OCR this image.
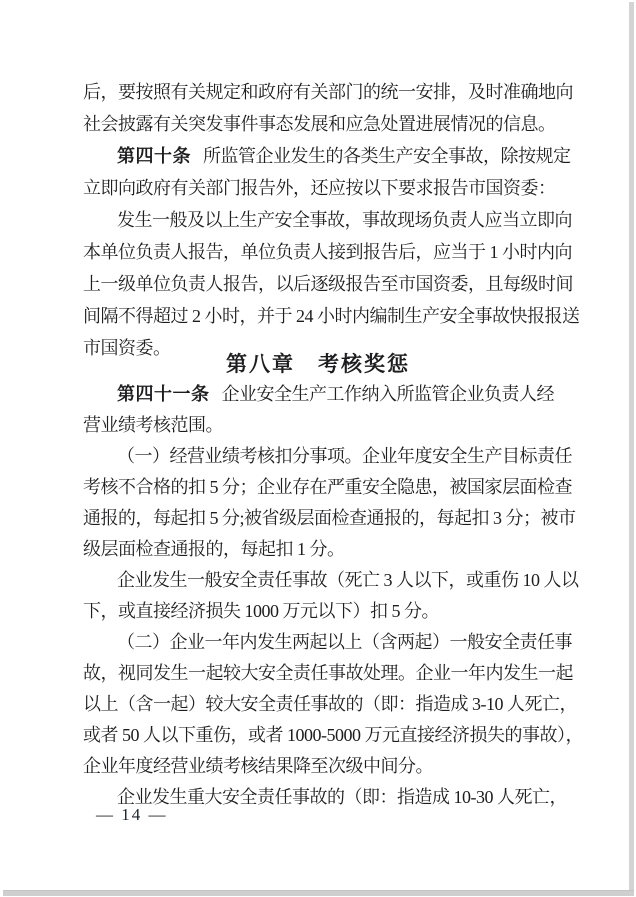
后，要按照有关规定和政府有关部门的统一安排，及时准确地向
社会披露有关突发事件事态发展和应急处置进展情况的信息。
第四十条 所监管企业发生的各类生产安全事故，除按规定
立即向政府有关部门报告外，还应按以下要求报告市国资委：
发生一般及以上生产安全事故，事故现场负责人应当立即向
本单位负责人报告，单位负责人接到报告后，应当于 1 小时内向
上一级单位负责人报告，以后逐级报告至市国资委，且每级时间
间隔不得超过 2 小时，并于 24 小时内编制生产安全事故快报报送
市国资委。
第八章　考核奖惩
第四十一条 企业安全生产工作纳入所监管企业负责人经
营业绩考核范围。
（一）经营业绩考核扣分事项。企业年度安全生产目标责任
考核不合格的扣 5 分；企业存在严重安全隐患，被国家层面检查
通报的，每起扣 5 分;被省级层面检查通报的，每起扣 3 分；被市
级层面检查通报的，每起扣 1 分。
企业发生一般安全责任事故（死亡 3 人以下，或重伤 10 人以
下，或直接经济损失 1000 万元以下）扣 5 分。
（二）企业一年内发生两起以上（含两起）一般安全责任事
故，视同发生一起较大安全责任事故处理。企业一年内发生一起
以上（含一起）较大安全责任事故的（即：指造成 3-10 人死亡，
或者 50 人以下重伤，或者 1000-5000 万元直接经济损失的事故），
企业年度经营业绩考核结果降至次级中间分。
企业发生重大安全责任事故的（即：指造成 10-30 人死亡，
— 14 —
